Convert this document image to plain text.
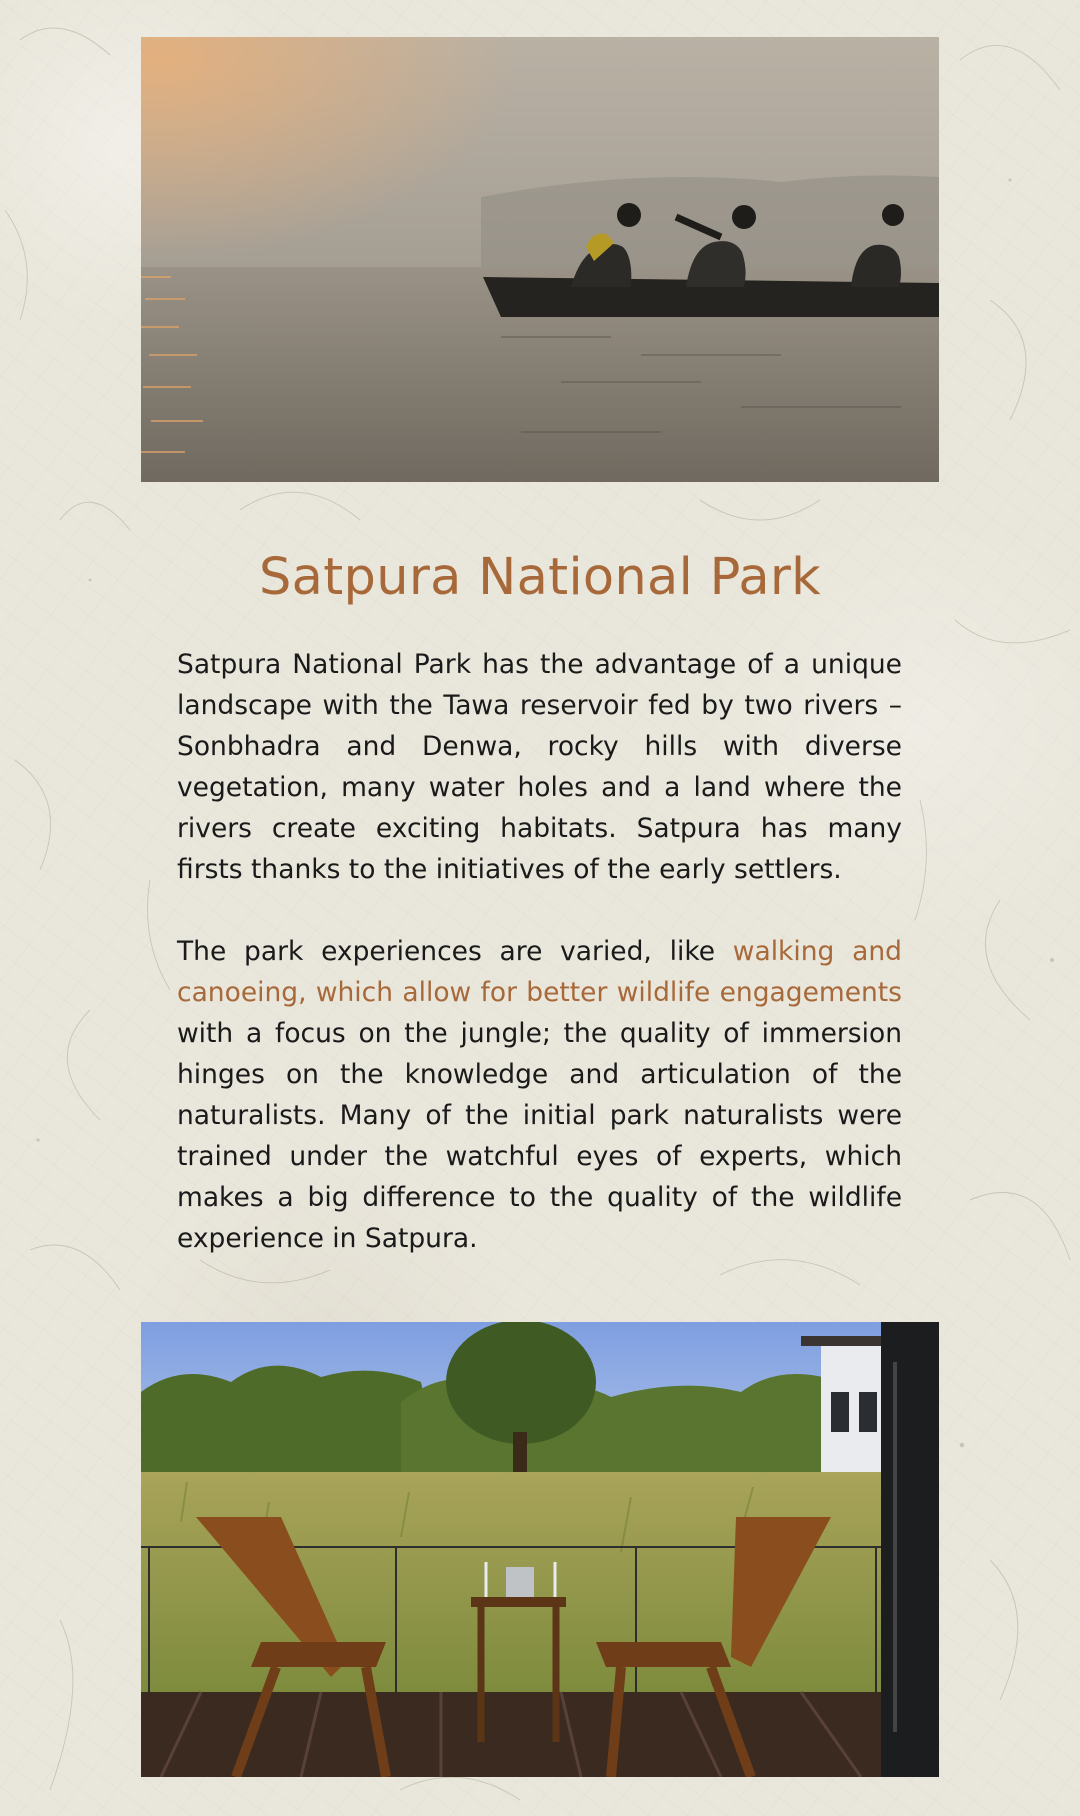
Satpura National Park

Satpura National Park has the advantage of a unique landscape with the Tawa reservoir fed by two rivers – Sonbhadra and Denwa, rocky hills with diverse vegetation, many water holes and a land where the rivers create exciting habitats. Satpura has many firsts thanks to the initiatives of the early settlers.

The park experiences are varied, like walking and canoeing, which allow for better wildlife engagements with a focus on the jungle; the quality of immersion hinges on the knowledge and articulation of the naturalists. Many of the initial park naturalists were trained under the watchful eyes of experts, which makes a big difference to the quality of the wildlife experience in Satpura.
